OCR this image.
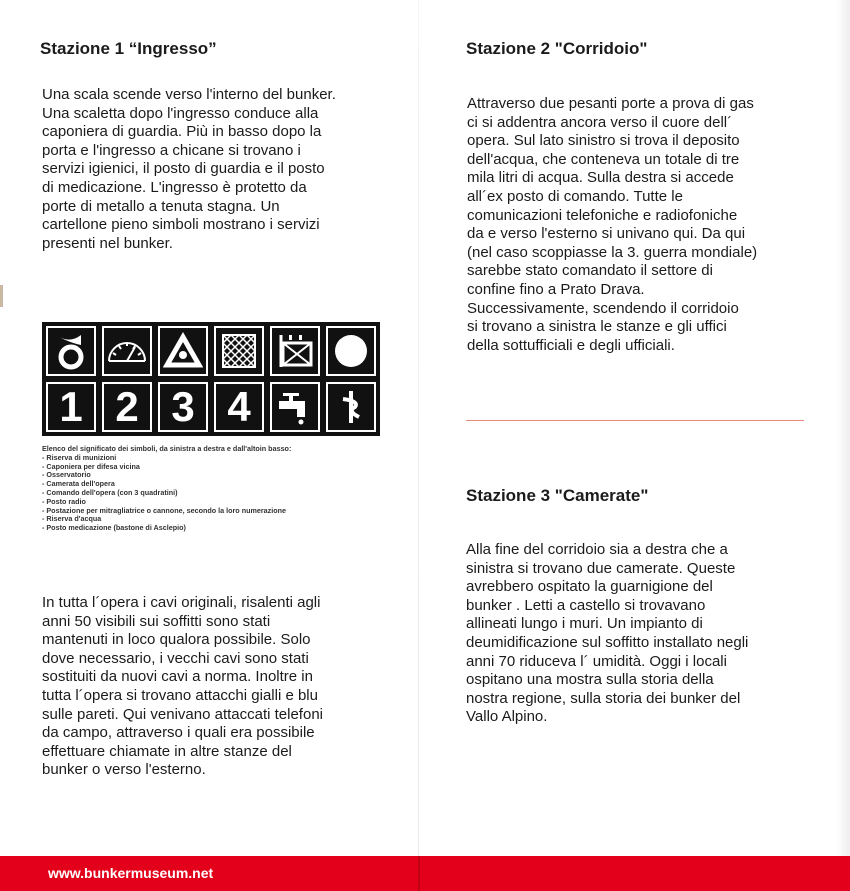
Stazione 1 “Ingresso”
Una scala scende verso l'interno del bunker.
Una scaletta dopo l'ingresso conduce alla
caponiera di guardia. Più in basso dopo la
porta e l'ingresso a chicane si trovano i
servizi igienici, il posto di guardia e il posto
di medicazione. L'ingresso è protetto da
porte di metallo a tenuta stagna. Un
cartellone pieno simboli mostrano i servizi
presenti nel bunker.
1 2 3 4
Elenco del significato dei simboli, da sinistra a destra e dall'altoin basso:
- Riserva di munizioni
- Caponiera per difesa vicina
- Osservatorio
- Camerata dell'opera
- Comando dell'opera (con 3 quadratini)
- Posto radio
- Postazione per mitragliatrice o cannone, secondo la loro numerazione
- Riserva d'acqua
- Posto medicazione (bastone di Asclepio)
In tutta l´opera i cavi originali, risalenti agli
anni 50 visibili sui soffitti sono stati
mantenuti in loco qualora possibile. Solo
dove necessario, i vecchi cavi sono stati
sostituiti da nuovi cavi a norma. Inoltre in
tutta l´opera si trovano attacchi gialli e blu
sulle pareti. Qui venivano attaccati telefoni
da campo, attraverso i quali era possibile
effettuare chiamate in altre stanze del
bunker o verso l'esterno.
Stazione 2 "Corridoio"
Attraverso due pesanti porte a prova di gas
ci si addentra ancora verso il cuore dell´
opera. Sul lato sinistro si trova il deposito
dell'acqua, che conteneva un totale di tre
mila litri di acqua. Sulla destra si accede
all´ex posto di comando. Tutte le
comunicazioni telefoniche e radiofoniche
da e verso l'esterno si univano qui. Da qui
(nel caso scoppiasse la 3. guerra mondiale)
sarebbe stato comandato il settore di
confine fino a Prato Drava.
Successivamente, scendendo il corridoio
si trovano a sinistra le stanze e gli uffici
della sottufficiali e degli ufficiali.
Stazione 3 "Camerate"
Alla fine del corridoio sia a destra che a
sinistra si trovano due camerate. Queste
avrebbero ospitato la guarnigione del
bunker . Letti a castello si trovavano
allineati lungo i muri. Un impianto di
deumidificazione sul soffitto installato negli
anni 70 riduceva l´ umidità. Oggi i locali
ospitano una mostra sulla storia della
nostra regione, sulla storia dei bunker del
Vallo Alpino.
www.bunkermuseum.net
